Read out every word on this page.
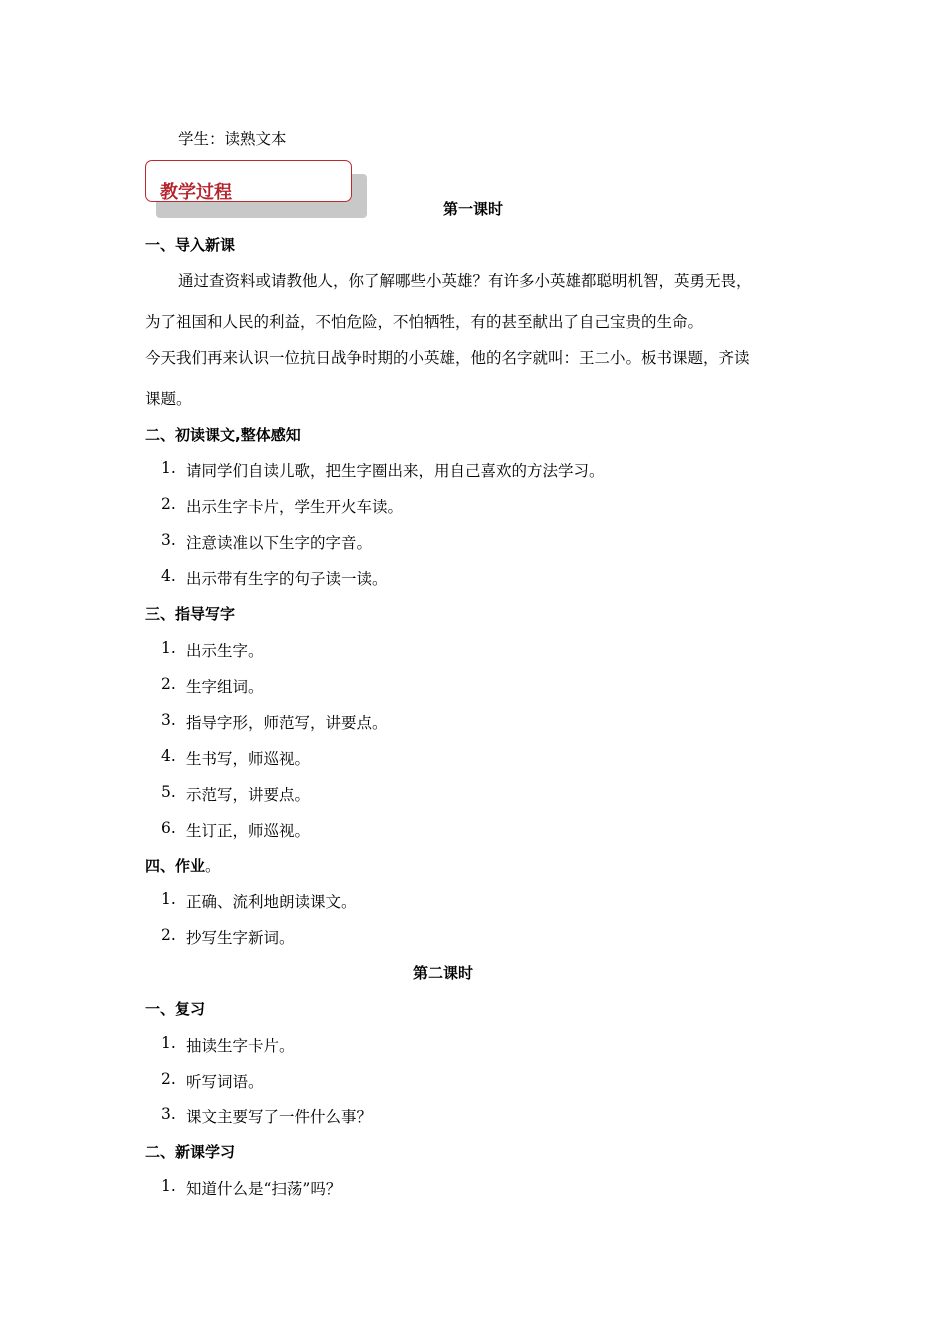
学生：读熟文本
教学过程
第一课时
一、导入新课
通过查资料或请教他人，你了解哪些小英雄？有许多小英雄都聪明机智，英勇无畏，
为了祖国和人民的利益，不怕危险，不怕牺牲，有的甚至献出了自己宝贵的生命。
今天我们再来认识一位抗日战争时期的小英雄，他的名字就叫：王二小。板书课题，齐读
课题。
二、初读课文,整体感知
1. 请同学们自读儿歌，把生字圈出来，用自己喜欢的方法学习。
2. 出示生字卡片，学生开火车读。
3. 注意读准以下生字的字音。
4. 出示带有生字的句子读一读。
三、指导写字
1. 出示生字。
2. 生字组词。
3. 指导字形，师范写，讲要点。
4. 生书写，师巡视。
5. 示范写，讲要点。
6. 生订正，师巡视。
四、作业。
1. 正确、流利地朗读课文。
2. 抄写生字新词。
第二课时
一、复习
1. 抽读生字卡片。
2. 听写词语。
3. 课文主要写了一件什么事？
二、新课学习
1. 知道什么是“扫荡”吗？
